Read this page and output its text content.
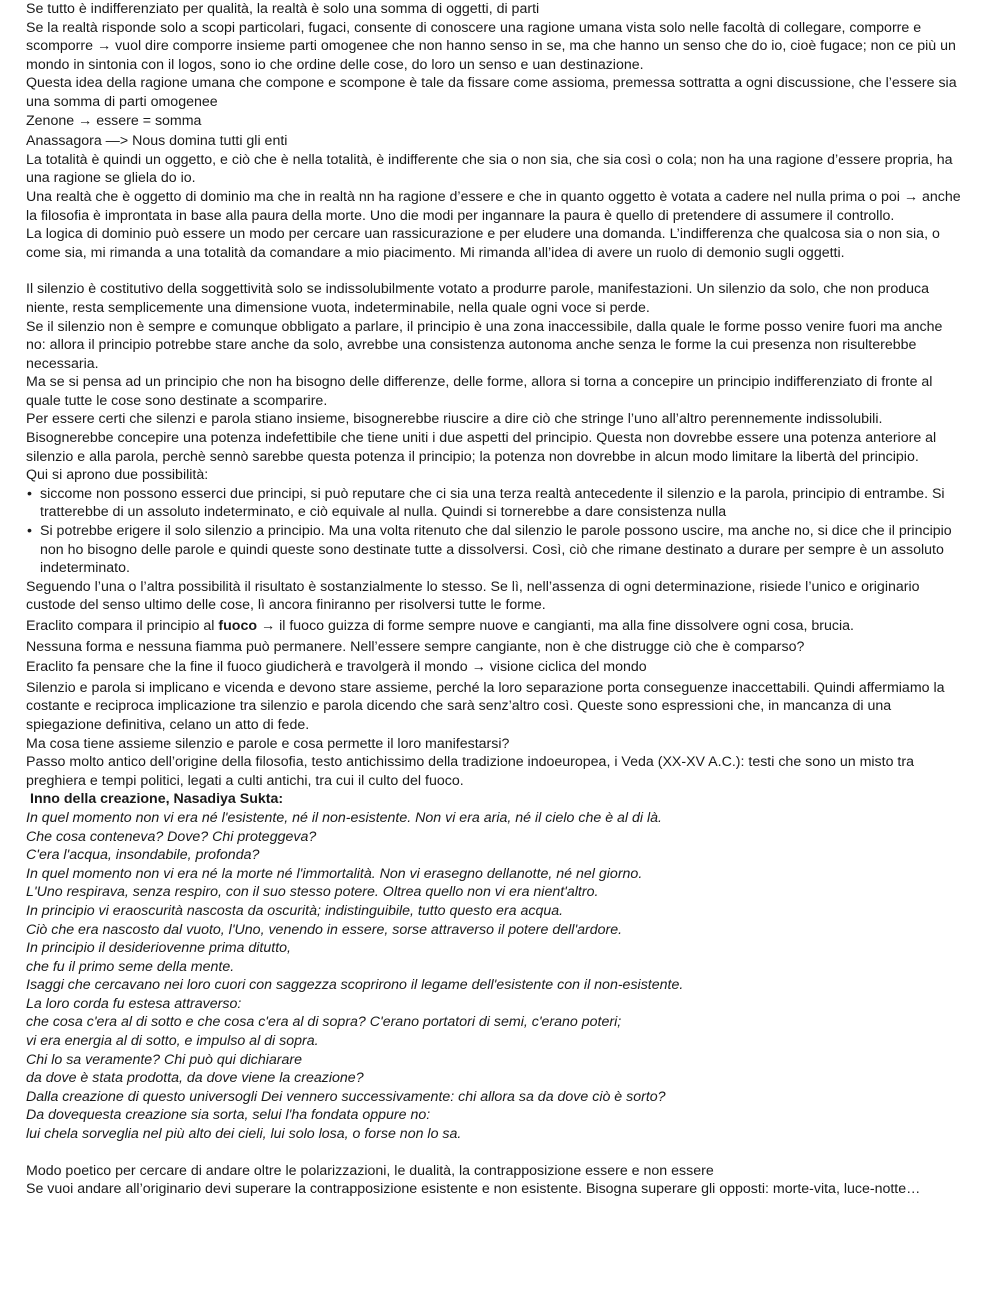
Se tutto è indifferenziato per qualità, la realtà è solo una somma di oggetti, di parti

Se la realtà risponde solo a scopi particolari, fugaci, consente di conoscere una ragione umana vista solo nelle facoltà di collegare, comporre e scomporre → vuol dire comporre insieme parti omogenee che non hanno senso in se, ma che hanno un senso che do io, cioè fugace; non ce più un mondo in sintonia con il logos, sono io che ordine delle cose, do loro un senso e uan destinazione.

Questa idea della ragione umana che compone e scompone è tale da fissare come assioma, premessa sottratta a ogni discussione, che l’essere sia una somma di parti omogenee

Zenone → essere = somma

Anassagora —> Nous domina tutti gli enti

La totalità è quindi un oggetto, e ciò che è nella totalità, è indifferente che sia o non sia, che sia così o cola; non ha una ragione d’essere propria, ha una ragione se gliela do io.

Una realtà che è oggetto di dominio ma che in realtà nn ha ragione d’essere e che in quanto oggetto è votata a cadere nel nulla prima o poi → anche la filosofia è improntata in base alla paura della morte. Uno die modi per ingannare la paura è quello di pretendere di assumere il controllo.

La logica di dominio può essere un modo per cercare uan rassicurazione e per eludere una domanda. L’indifferenza che qualcosa sia o non sia, o come sia, mi rimanda a una totalità da comandare a mio piacimento. Mi rimanda all’idea di avere un ruolo di demonio sugli oggetti.

Il silenzio è costitutivo della soggettività solo se indissolubilmente votato a produrre parole, manifestazioni. Un silenzio da solo, che non produca niente, resta semplicemente una dimensione vuota, indeterminabile, nella quale ogni voce si perde.

Se il silenzio non è sempre e comunque obbligato a parlare, il principio è una zona inaccessibile, dalla quale le forme posso venire fuori ma anche no: allora il principio potrebbe stare anche da solo, avrebbe una consistenza autonoma anche senza le forme la cui presenza non risulterebbe necessaria.

Ma se si pensa ad un principio che non ha bisogno delle differenze, delle forme, allora si torna a concepire un principio indifferenziato di fronte al quale tutte le cose sono destinate a scomparire.

Per essere certi che silenzi e parola stiano insieme, bisognerebbe riuscire a dire ciò che stringe l’uno all’altro perennemente indissolubili.

Bisognerebbe concepire una potenza indefettibile che tiene uniti i due aspetti del principio. Questa non dovrebbe essere una potenza anteriore al silenzio e alla parola, perchè sennò sarebbe questa potenza il principio; la potenza non dovrebbe in alcun modo limitare la libertà del principio.

Qui si aprono due possibilità:

• siccome non possono esserci due principi, si può reputare che ci sia una terza realtà antecedente il silenzio e la parola, principio di entrambe. Si tratterebbe di un assoluto indeterminato, e ciò equivale al nulla. Quindi si tornerebbe a dare consistenza nulla
• Si potrebbe erigere il solo silenzio a principio. Ma una volta ritenuto che dal silenzio le parole possono uscire, ma anche no, si dice che il principio non ho bisogno delle parole e quindi queste sono destinate tutte a dissolversi. Così, ciò che rimane destinato a durare per sempre è un assoluto indeterminato.

Seguendo l’una o l’altra possibilità il risultato è sostanzialmente lo stesso. Se lì, nell’assenza di ogni determinazione, risiede l’unico e originario custode del senso ultimo delle cose, lì ancora finiranno per risolversi tutte le forme.

Eraclito compara il principio al fuoco → il fuoco guizza di forme sempre nuove e cangianti, ma alla fine dissolvere ogni cosa, brucia.

Nessuna forma e nessuna fiamma può permanere. Nell’essere sempre cangiante, non è che distrugge ciò che è comparso?

Eraclito fa pensare che la fine il fuoco giudicherà e travolgerà il mondo → visione ciclica del mondo

Silenzio e parola si implicano e vicenda e devono stare assieme, perché la loro separazione porta conseguenze inaccettabili. Quindi affermiamo la costante e reciproca implicazione tra silenzio e parola dicendo che sarà senz’altro così. Queste sono espressioni che, in mancanza di una spiegazione definitiva, celano un atto di fede.

Ma cosa tiene assieme silenzio e parole e cosa permette il loro manifestarsi?

Passo molto antico dell’origine della filosofia, testo antichissimo della tradizione indoeuropea, i Veda (XX-XV A.C.): testi che sono un misto tra preghiera e tempi politici, legati a culti antichi, tra cui il culto del fuoco.

Inno della creazione, Nasadiya Sukta:

In quel momento non vi era né l'esistente, né il non-esistente. Non vi era aria, né il cielo che è al di là.

Che cosa conteneva? Dove? Chi proteggeva?

C'era l'acqua, insondabile, profonda?

In quel momento non vi era né la morte né l'immortalità. Non vi erasegno dellanotte, né nel giorno.

L'Uno respirava, senza respiro, con il suo stesso potere. Oltrea quello non vi era nient'altro.

In principio vi eraoscurità nascosta da oscurità; indistinguibile, tutto questo era acqua.

Ciò che era nascosto dal vuoto, l'Uno, venendo in essere, sorse attraverso il potere dell'ardore.

In principio il desideriovenne prima ditutto,

che fu il primo seme della mente.

Isaggi che cercavano nei loro cuori con saggezza scoprirono il legame dell'esistente con il non-esistente.

La loro corda fu estesa attraverso:

che cosa c'era al di sotto e che cosa c'era al di sopra? C'erano portatori di semi, c'erano poteri;

vi era energia al di sotto, e impulso al di sopra.

Chi lo sa veramente? Chi può qui dichiarare

da dove è stata prodotta, da dove viene la creazione?

Dalla creazione di questo universogli Dei vennero successivamente: chi allora sa da dove ciò è sorto?

Da dovequesta creazione sia sorta, selui l'ha fondata oppure no:

lui chela sorveglia nel più alto dei cieli, lui solo losa, o forse non lo sa.

Modo poetico per cercare di andare oltre le polarizzazioni, le dualità, la contrapposizione essere e non essere

Se vuoi andare all’originario devi superare la contrapposizione esistente e non esistente. Bisogna superare gli opposti: morte-vita, luce-notte…
